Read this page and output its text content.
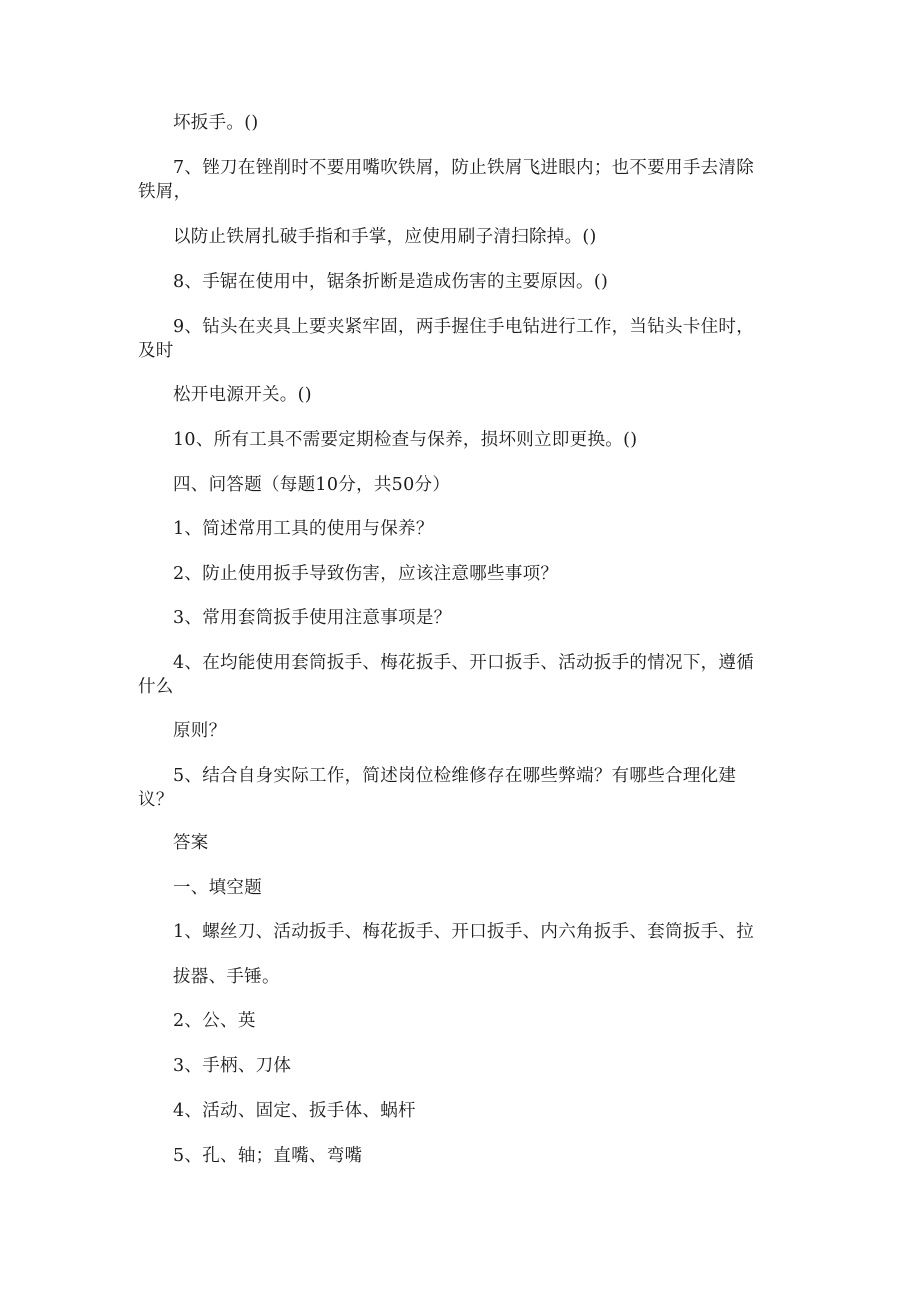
坏扳手。()
7、锉刀在锉削时不要用嘴吹铁屑，防止铁屑飞进眼内；也不要用手去清除
铁屑，
以防止铁屑扎破手指和手掌，应使用刷子清扫除掉。()
8、手锯在使用中，锯条折断是造成伤害的主要原因。()
9、钻头在夹具上要夹紧牢固，两手握住手电钻进行工作，当钻头卡住时，
及时
松开电源开关。()
10、所有工具不需要定期检查与保养，损坏则立即更换。()
四、问答题（每题10分，共50分）
1、简述常用工具的使用与保养？
2、防止使用扳手导致伤害，应该注意哪些事项？
3、常用套筒扳手使用注意事项是？
4、在均能使用套筒扳手、梅花扳手、开口扳手、活动扳手的情况下，遵循
什么
原则？
5、结合自身实际工作，简述岗位检维修存在哪些弊端？有哪些合理化建
议？
答案
一、填空题
1、螺丝刀、活动扳手、梅花扳手、开口扳手、内六角扳手、套筒扳手、拉
拔器、手锤。
2、公、英
3、手柄、刀体
4、活动、固定、扳手体、蜗杆
5、孔、轴；直嘴、弯嘴
